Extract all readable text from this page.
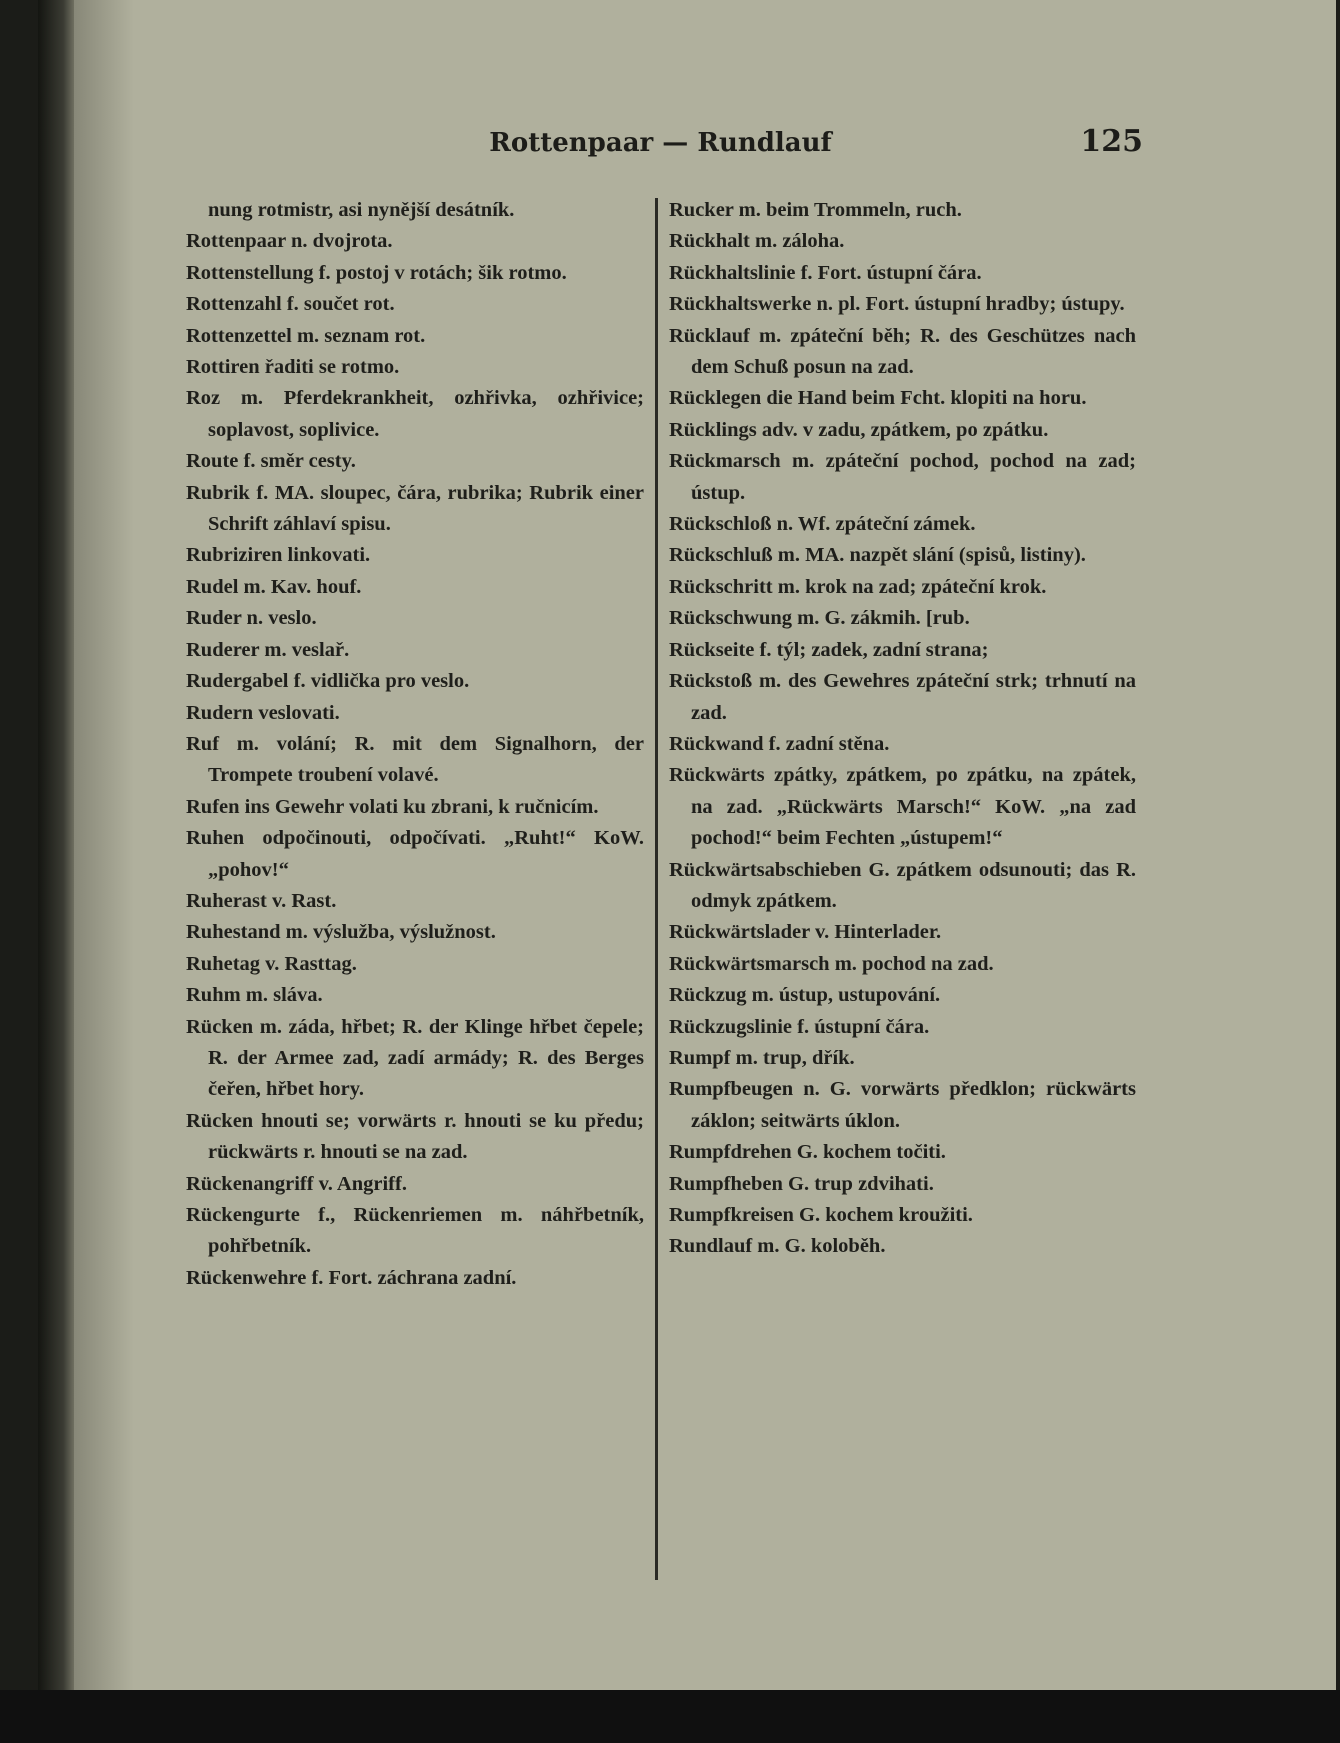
Rottenpaar — Rundlauf	125

nung rotmistr, asi nynější desátník.

Rottenpaar n. dvojrota.

Rottenstellung f. postoj v rotách; šik rotmo.

Rottenzahl f. součet rot.

Rottenzettel m. seznam rot.

Rottiren řaditi se rotmo.

Roz m. Pferdekrankheit, ozhřivka, ozhřivice; soplavost, soplivice.

Route f. směr cesty.

Rubrik f. MA. sloupec, čára, rubrika; Rubrik einer Schrift záhlaví spisu.

Rubriziren linkovati.

Rudel m. Kav. houf.

Ruder n. veslo.

Ruderer m. veslař.

Rudergabel f. vidlička pro veslo.

Rudern veslovati.

Ruf m. volání; R. mit dem Signalhorn, der Trompete troubení volavé.

Rufen ins Gewehr volati ku zbrani, k ručnicím.

Ruhen odpočinouti, odpočívati. „Ruht!“ KoW. „pohov!“

Ruherast v. Rast.

Ruhestand m. výslužba, výslužnost.

Ruhetag v. Rasttag.

Ruhm m. sláva.

Rücken m. záda, hřbet; R. der Klinge hřbet čepele; R. der Armee zad, zadí armády; R. des Berges čeřen, hřbet hory.

Rücken hnouti se; vorwärts r. hnouti se ku předu; rückwärts r. hnouti se na zad.

Rückenangriff v. Angriff.

Rückengurte f., Rückenriemen m. náhřbetník, pohřbetník.

Rückenwehre f. Fort. záchrana zadní.

Rucker m. beim Trommeln, ruch.

Rückhalt m. záloha.

Rückhaltslinie f. Fort. ústupní čára.

Rückhaltswerke n. pl. Fort. ústupní hradby; ústupy.

Rücklauf m. zpáteční běh; R. des Geschützes nach dem Schuß posun na zad.

Rücklegen die Hand beim Fcht. klopiti na horu.

Rücklings adv. v zadu, zpátkem, po zpátku.

Rückmarsch m. zpáteční pochod, pochod na zad; ústup.

Rückschloß n. Wf. zpáteční zámek.

Rückschluß m. MA. nazpět slání (spisů, listiny).

Rückschritt m. krok na zad; zpáteční krok.

Rückschwung m. G. zákmih. [rub.

Rückseite f. týl; zadek, zadní strana;

Rückstoß m. des Gewehres zpáteční strk; trhnutí na zad.

Rückwand f. zadní stěna.

Rückwärts zpátky, zpátkem, po zpátku, na zpátek, na zad. „Rückwärts Marsch!“ KoW. „na zad pochod!“ beim Fechten „ústupem!“

Rückwärtsabschieben G. zpátkem odsunouti; das R. odmyk zpátkem.

Rückwärtslader v. Hinterlader.

Rückwärtsmarsch m. pochod na zad.

Rückzug m. ústup, ustupování.

Rückzugslinie f. ústupní čára.

Rumpf m. trup, dřík.

Rumpfbeugen n. G. vorwärts předklon; rückwärts záklon; seitwärts úklon.

Rumpfdrehen G. kochem točiti.

Rumpfheben G. trup zdvihati.

Rumpfkreisen G. kochem kroužiti.

Rundlauf m. G. koloběh.
